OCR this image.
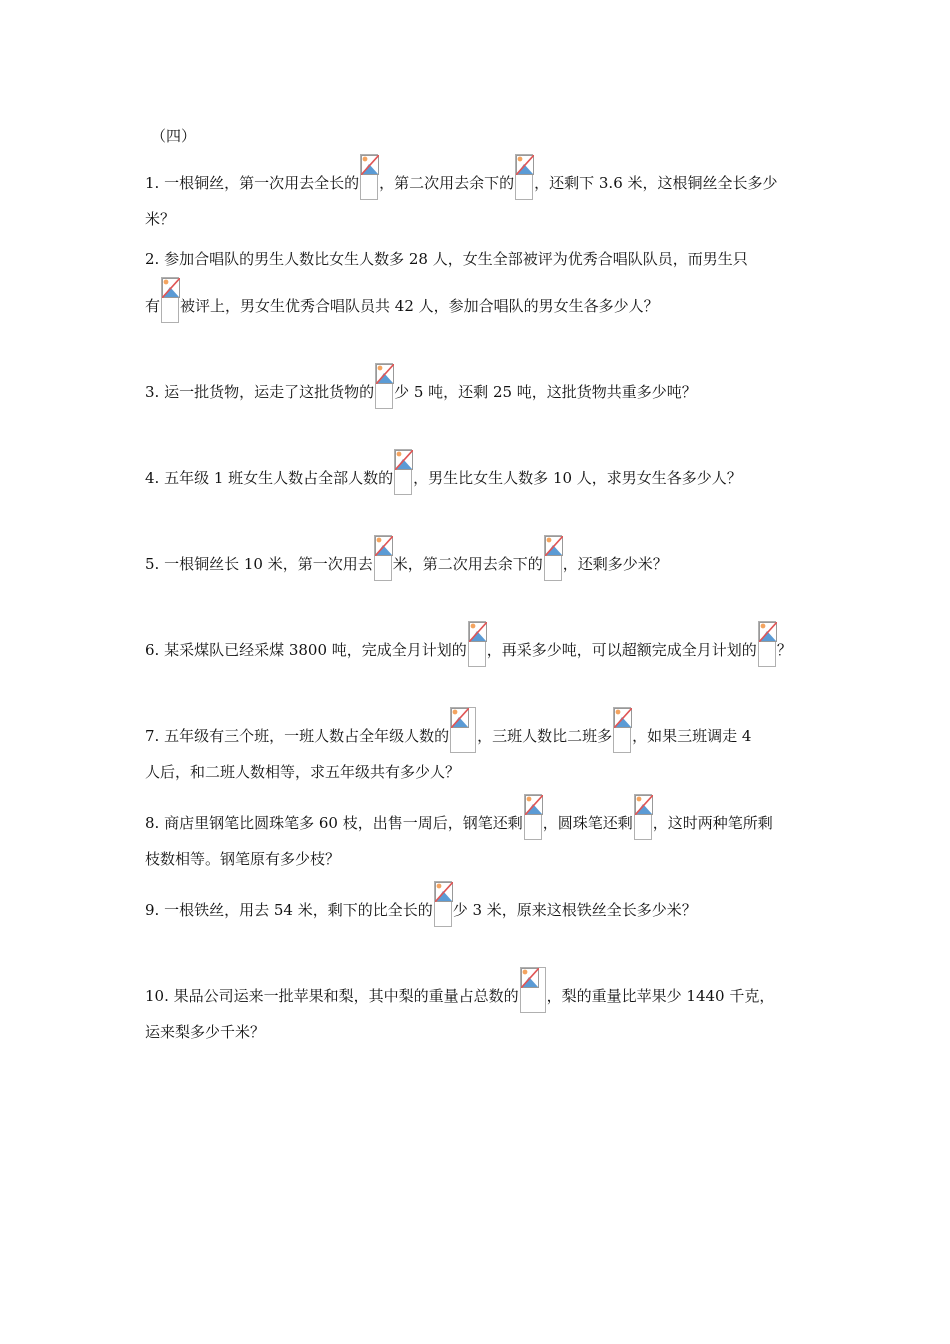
（四）

1. 一根铜丝，第一次用去全长的 ，第二次用去余下的 ，还剩下 3.6 米，这根铜丝全长多少
米？

2. 参加合唱队的男生人数比女生人数多 28 人，女生全部被评为优秀合唱队队员，而男生只
有 被评上，男女生优秀合唱队员共 42 人，参加合唱队的男女生各多少人？

3. 运一批货物，运走了这批货物的 少 5 吨，还剩 25 吨，这批货物共重多少吨？

4. 五年级 1 班女生人数占全部人数的 ，男生比女生人数多 10 人，求男女生各多少人？

5. 一根铜丝长 10 米，第一次用去 米，第二次用去余下的 ，还剩多少米？

6. 某采煤队已经采煤 3800 吨，完成全月计划的 ，再采多少吨，可以超额完成全月计划的 ？

7. 五年级有三个班，一班人数占全年级人数的 ，三班人数比二班多 ，如果三班调走 4
人后，和二班人数相等，求五年级共有多少人？

8. 商店里钢笔比圆珠笔多 60 枝，出售一周后，钢笔还剩 ，圆珠笔还剩 ，这时两种笔所剩
枝数相等。钢笔原有多少枝？

9. 一根铁丝，用去 54 米，剩下的比全长的 少 3 米，原来这根铁丝全长多少米？

10. 果品公司运来一批苹果和梨，其中梨的重量占总数的 ，梨的重量比苹果少 1440 千克，
运来梨多少千米？
